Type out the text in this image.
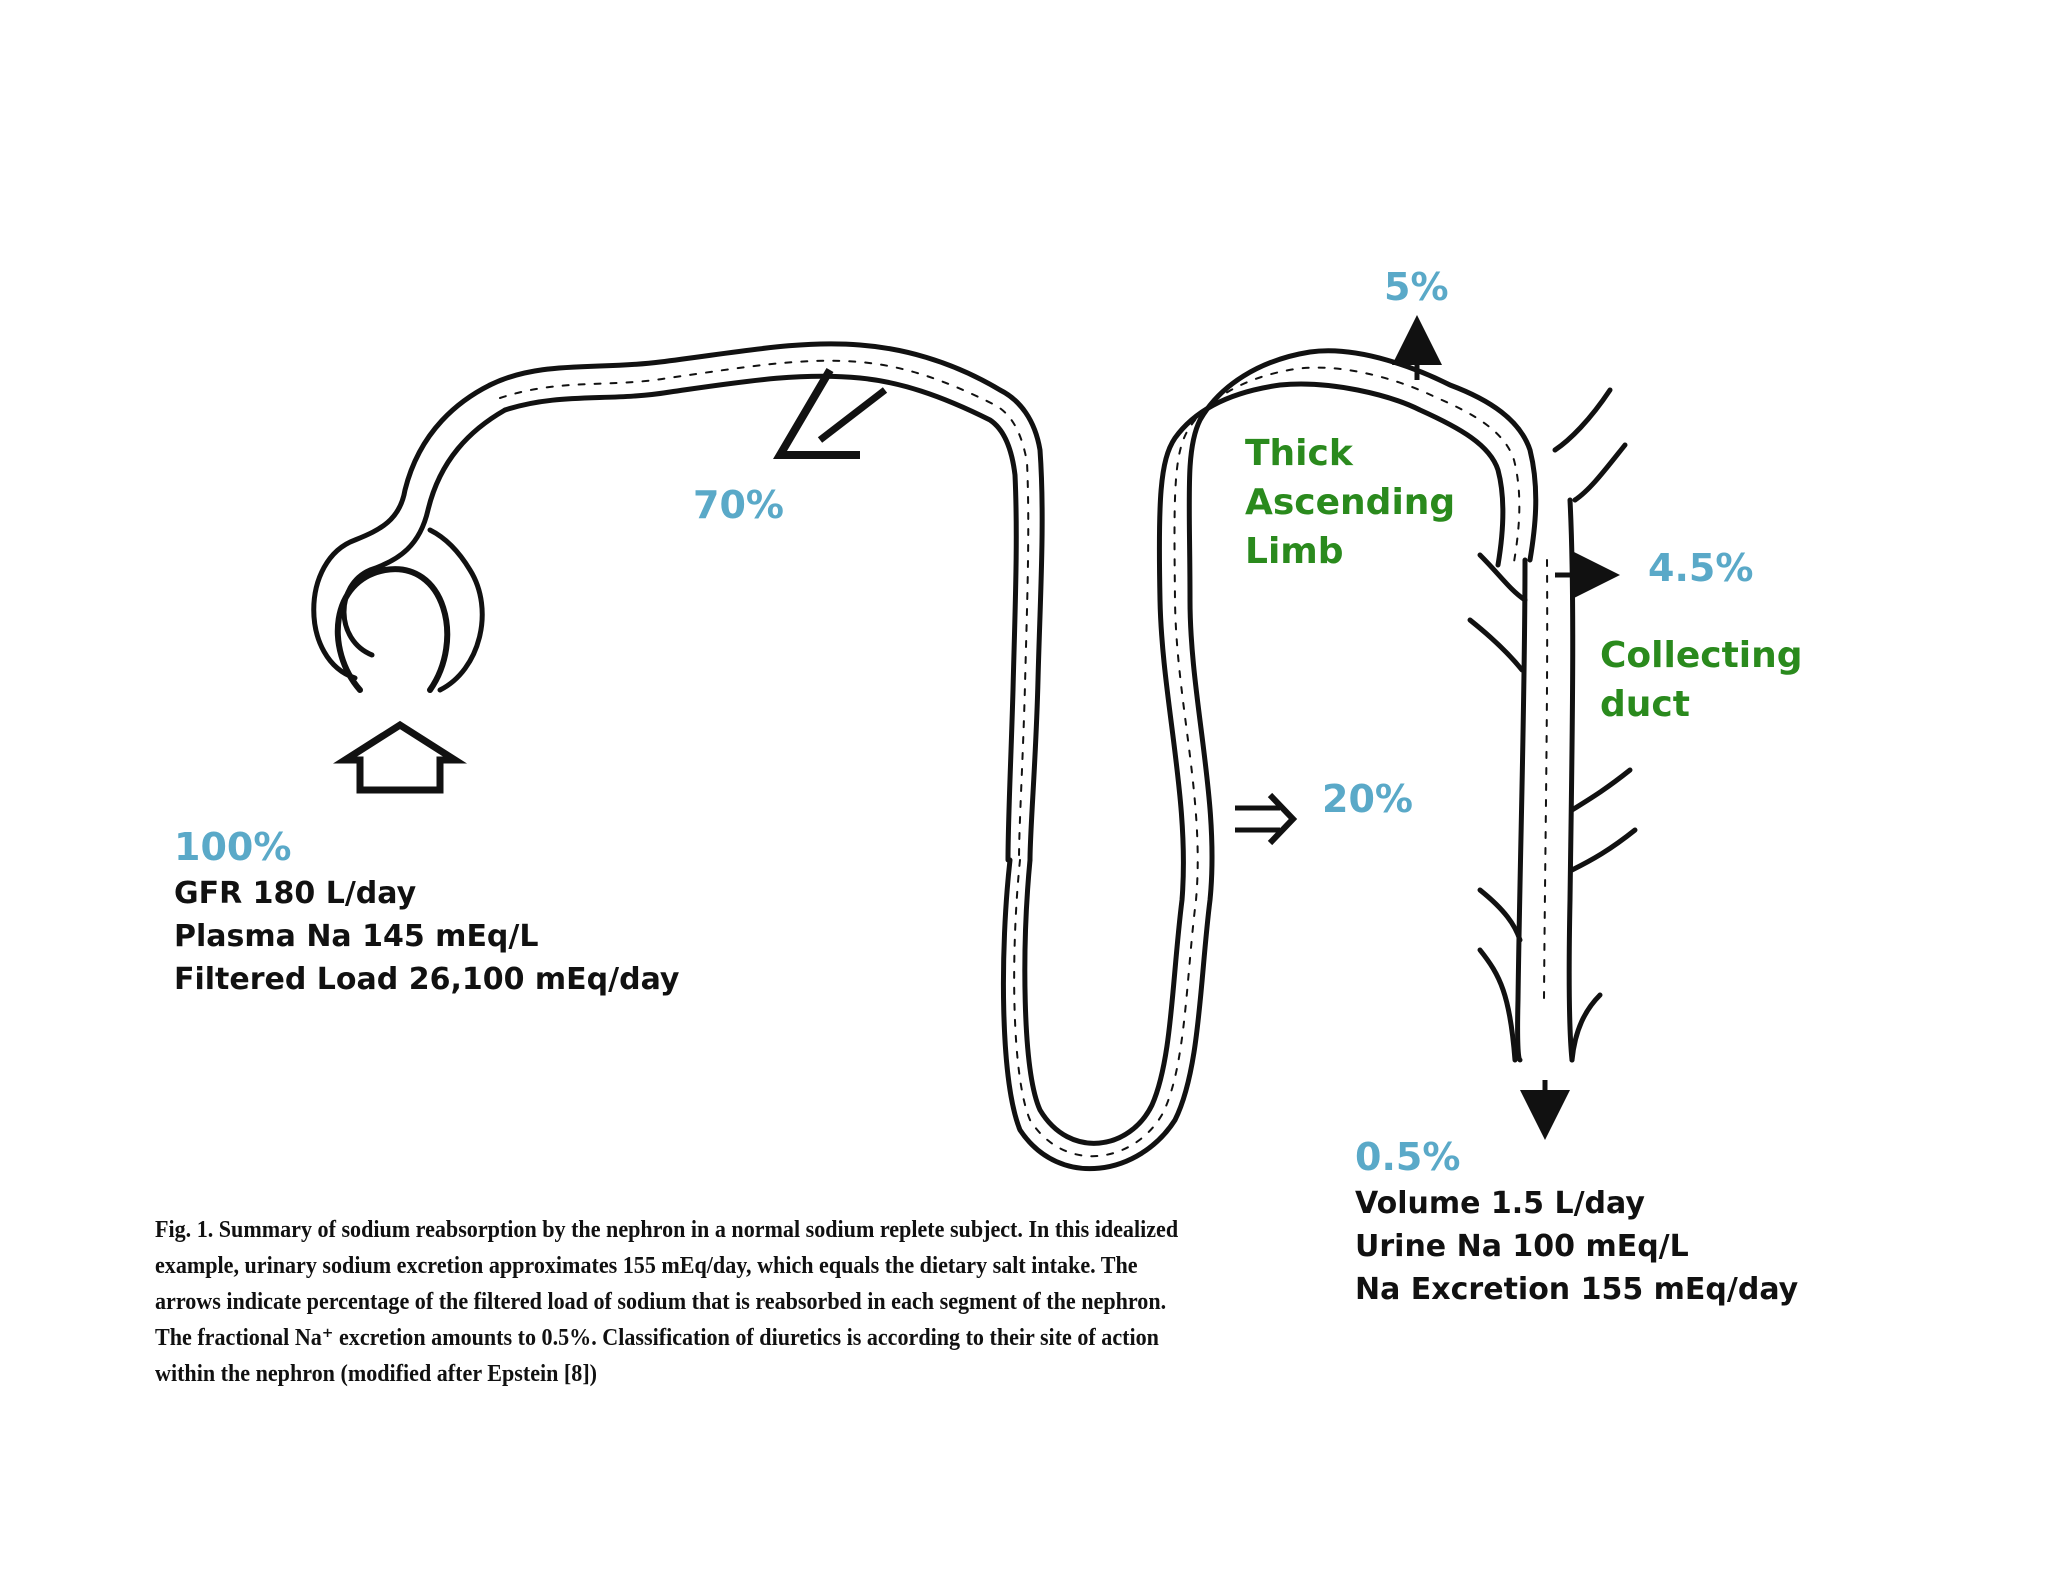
5%
70%
4.5%
20%
Thick
Ascending
Limb
Collecting
duct
100%
GFR 180 L/day
Plasma Na 145 mEq/L
Filtered Load 26,100 mEq/day
0.5%
Volume 1.5 L/day
Urine Na 100 mEq/L
Na Excretion 155 mEq/day
Fig. 1. Summary of sodium reabsorption by the nephron in a normal sodium replete subject. In this idealized example, urinary sodium excretion approximates 155 mEq/day, which equals the dietary salt intake. The arrows indicate percentage of the filtered load of sodium that is reabsorbed in each segment of the nephron. The fractional Na⁺ excretion amounts to 0.5%. Classification of diuretics is according to their site of action within the nephron (modified after Epstein [8])
